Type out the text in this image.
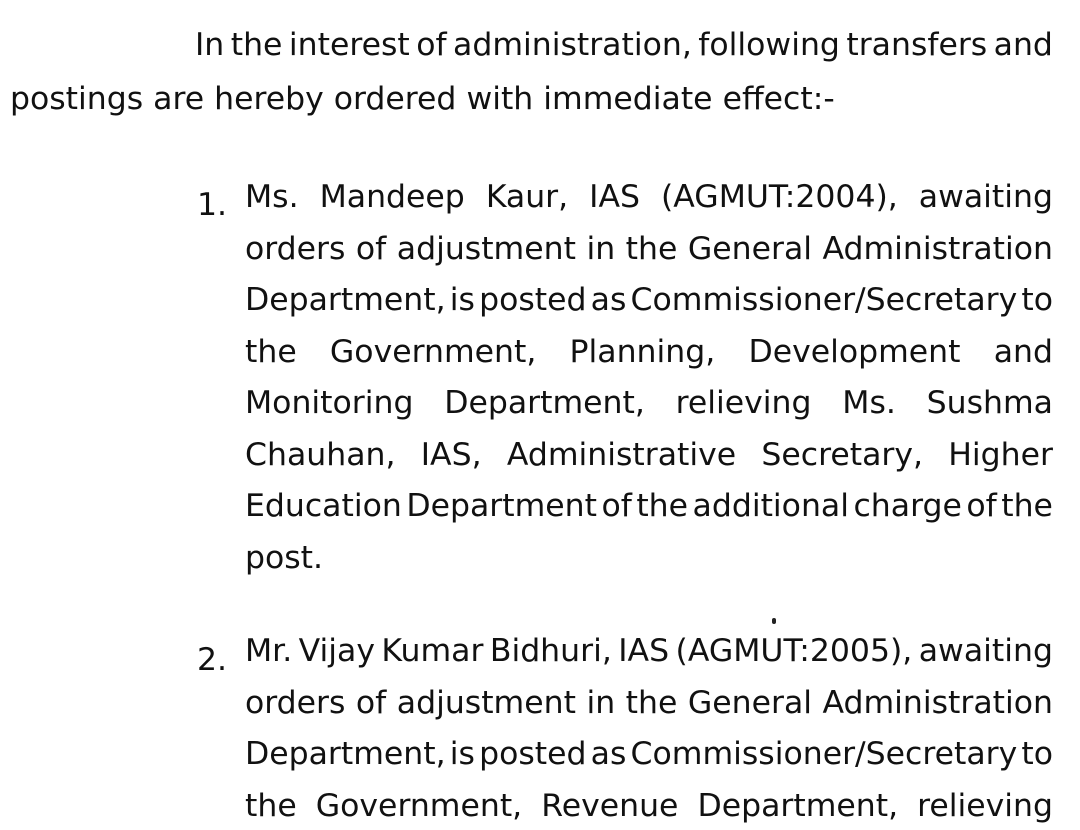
In the interest of administration, following transfers and
postings are hereby ordered with immediate effect:-
1. Ms. Mandeep Kaur, IAS (AGMUT:2004), awaiting
orders of adjustment in the General Administration
Department, is posted as Commissioner/Secretary to
the Government, Planning, Development and
Monitoring Department, relieving Ms. Sushma
Chauhan, IAS, Administrative Secretary, Higher
Education Department of the additional charge of the
post.
2. Mr. Vijay Kumar Bidhuri, IAS (AGMUT:2005), awaiting
orders of adjustment in the General Administration
Department, is posted as Commissioner/Secretary to
the Government, Revenue Department, relieving
